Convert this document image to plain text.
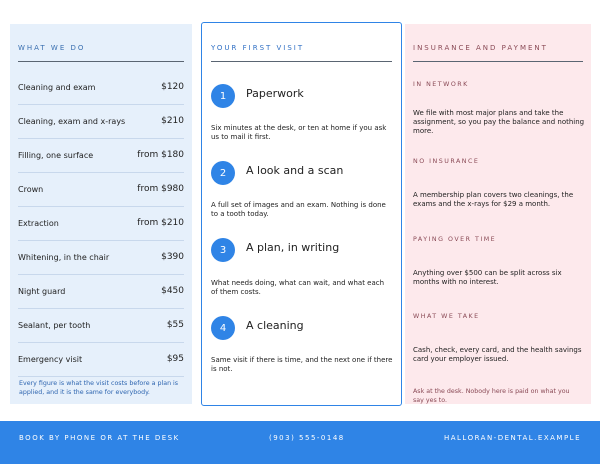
WHAT WE DO
Cleaning and exam	$120
Cleaning, exam and x-rays	$210
Filling, one surface	from $180
Crown	from $980
Extraction	from $210
Whitening, in the chair	$390
Night guard	$450
Sealant, per tooth	$55
Emergency visit	$95
Every figure is what the visit costs before a plan is applied, and it is the same for everybody.
YOUR FIRST VISIT
1	Paperwork
Six minutes at the desk, or ten at home if you ask us to mail it first.
2	A look and a scan
A full set of images and an exam. Nothing is done to a tooth today.
3	A plan, in writing
What needs doing, what can wait, and what each of them costs.
4	A cleaning
Same visit if there is time, and the next one if there is not.
INSURANCE AND PAYMENT
IN NETWORK
We file with most major plans and take the assignment, so you pay the balance and nothing more.
NO INSURANCE
A membership plan covers two cleanings, the exams and the x-rays for $29 a month.
PAYING OVER TIME
Anything over $500 can be split across six months with no interest.
WHAT WE TAKE
Cash, check, every card, and the health savings card your employer issued.
Ask at the desk. Nobody here is paid on what you say yes to.
BOOK BY PHONE OR AT THE DESK	(903) 555-0148	HALLORAN-DENTAL.EXAMPLE
